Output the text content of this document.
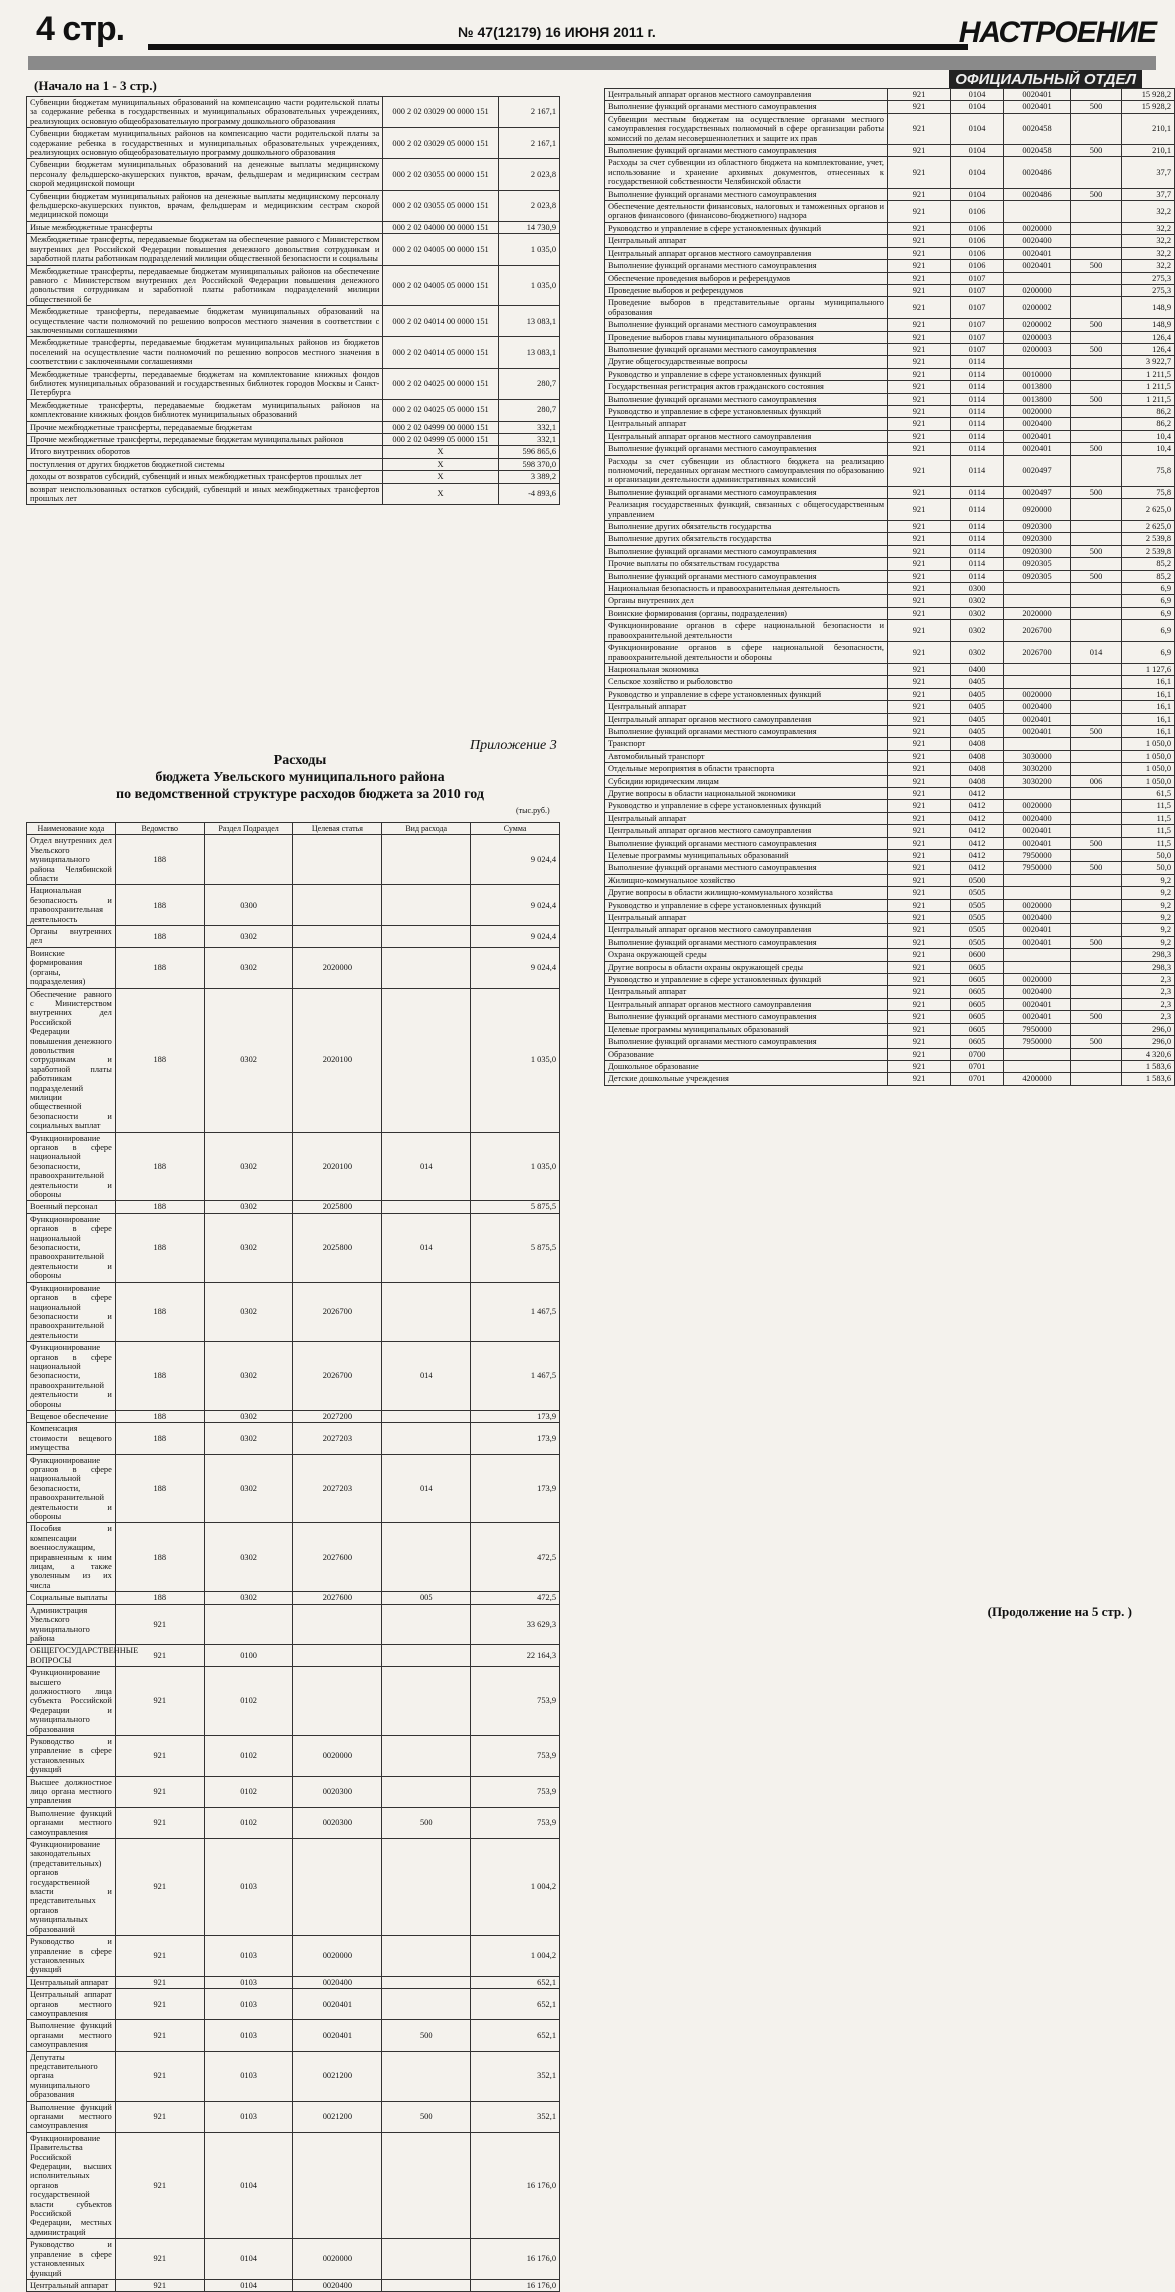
4 стр.	№ 47(12179) 16 ИЮНЯ 2011 г.	НАСТРОЕНИЕ
ОФИЦИАЛЬНЫЙ ОТДЕЛ
(Начало на 1 - 3 стр.)
Субвенции бюджетам муниципальных образований на компенсацию части родительской платы за содержание ребенка в государственных и муниципальных образовательных учреждениях, реализующих основную общеобразовательную программу дошкольного образования	000 2 02 03029 00 0000 151	2 167,1
Субвенции бюджетам муниципальных районов на компенсацию части родительской платы за содержание ребенка в государственных и муниципальных образовательных учреждениях, реализующих основную общеобразовательную программу дошкольного образования	000 2 02 03029 05 0000 151	2 167,1
Субвенции бюджетам муниципальных образований на денежные выплаты медицинскому персоналу фельдшерско-акушерских пунктов, врачам, фельдшерам и медицинским сестрам скорой медицинской помощи	000 2 02 03055 00 0000 151	2 023,8
Субвенции бюджетам муниципальных районов на денежные выплаты медицинскому персоналу фельдшерско-акушерских пунктов, врачам, фельдшерам и медицинским сестрам скорой медицинской помощи	000 2 02 03055 05 0000 151	2 023,8
Иные межбюджетные трансферты	000 2 02 04000 00 0000 151	14 730,9
Межбюджетные трансферты, передаваемые бюджетам на обеспечение равного с Министерством внутренних дел Российской Федерации повышения денежного довольствия сотрудникам и заработной платы работникам подразделений милиции общественной безопасности и социальны	000 2 02 04005 00 0000 151	1 035,0
Межбюджетные трансферты, передаваемые бюджетам муниципальных районов на обеспечение равного с Министерством внутренних дел Российской Федерации повышения денежного довольствия сотрудникам и заработной платы работникам подразделений милиции общественной бе	000 2 02 04005 05 0000 151	1 035,0
Межбюджетные трансферты, передаваемые бюджетам муниципальных образований на осуществление части полномочий по решению вопросов местного значения в соответствии с заключенными соглашениями	000 2 02 04014 00 0000 151	13 083,1
Межбюджетные трансферты, передаваемые бюджетам муниципальных районов из бюджетов поселений на осуществление части полномочий по решению вопросов местного значения в соответствии с заключенными соглашениями	000 2 02 04014 05 0000 151	13 083,1
Межбюджетные трансферты, передаваемые бюджетам на комплектование книжных фондов библиотек муниципальных образований и государственных библиотек городов Москвы и Санкт-Петербурга	000 2 02 04025 00 0000 151	280,7
Межбюджетные трансферты, передаваемые бюджетам муниципальных районов на комплектование книжных фондов библиотек муниципальных образований	000 2 02 04025 05 0000 151	280,7
Прочие межбюджетные трансферты, передаваемые бюджетам	000 2 02 04999 00 0000 151	332,1
Прочие межбюджетные трансферты, передаваемые бюджетам муниципальных районов	000 2 02 04999 05 0000 151	332,1
Итого внутренних оборотов	Х	596 865,6
поступления от других бюджетов бюджетной системы	Х	598 370,0
доходы от возвратов субсидий, субвенций и иных межбюджетных трансфертов прошлых лет	Х	3 389,2
возврат неиспользованных остатков субсидий, субвенций и иных межбюджетных трансфертов прошлых лет	Х	-4 893,6
Приложение 3
Расходы
бюджета Увельского муниципального района
по ведомственной структуре расходов бюджета за 2010 год
(тыс.руб.)
Наименование кода	Ведомство	Раздел Подраздел	Целевая статья	Вид расхода	Сумма
Отдел внутренних дел Увельского муниципального района Челябинской области	188				9 024,4
Национальная безопасность и правоохранительная деятельность	188	0300			9 024,4
Органы внутренних дел	188	0302			9 024,4
Воинские формирования (органы, подразделения)	188	0302	2020000		9 024,4
Обеспечение равного с Министерством внутренних дел Российской Федерации повышения денежного довольствия сотрудникам и заработной платы работникам подразделений милиции общественной безопасности и социальных выплат	188	0302	2020100		1 035,0
Функционирование органов в сфере национальной безопасности, правоохранительной деятельности и обороны	188	0302	2020100	014	1 035,0
Военный персонал	188	0302	2025800		5 875,5
Функционирование органов в сфере национальной безопасности, правоохранительной деятельности и обороны	188	0302	2025800	014	5 875,5
Функционирование органов в сфере национальной безопасности и правоохранительной деятельности	188	0302	2026700		1 467,5
Функционирование органов в сфере национальной безопасности, правоохранительной деятельности и обороны	188	0302	2026700	014	1 467,5
Вещевое обеспечение	188	0302	2027200		173,9
Компенсация стоимости вещевого имущества	188	0302	2027203		173,9
Функционирование органов в сфере национальной безопасности, правоохранительной деятельности и обороны	188	0302	2027203	014	173,9
Пособия и компенсации военнослужащим, приравненным к ним лицам, а также уволенным из их числа	188	0302	2027600		472,5
Социальные выплаты	188	0302	2027600	005	472,5
Администрация Увельского муниципального района	921				33 629,3
ОБЩЕГОСУДАРСТВЕННЫЕ ВОПРОСЫ	921	0100			22 164,3
Функционирование высшего должностного лица субъекта Российской Федерации и муниципального образования	921	0102			753,9
Руководство и управление в сфере установленных функций	921	0102	0020000		753,9
Высшее должностное лицо органа местного управления	921	0102	0020300		753,9
Выполнение функций органами местного самоуправления	921	0102	0020300	500	753,9
Функционирование законодательных (представительных) органов государственной власти и представительных органов муниципальных образований	921	0103			1 004,2
Руководство и управление в сфере установленных функций	921	0103	0020000		1 004,2
Центральный аппарат	921	0103	0020400		652,1
Центральный аппарат органов местного самоуправления	921	0103	0020401		652,1
Выполнение функций органами местного самоуправления	921	0103	0020401	500	652,1
Депутаты представительного органа муниципального образования	921	0103	0021200		352,1
Выполнение функций органами местного самоуправления	921	0103	0021200	500	352,1
Функционирование Правительства Российской Федерации, высших исполнительных органов государственной власти субъектов Российской Федерации, местных администраций	921	0104			16 176,0
Руководство и управление в сфере установленных функций	921	0104	0020000		16 176,0
Центральный аппарат	921	0104	0020400		16 176,0
Центральный аппарат органов местного самоуправления	921	0104	0020401		15 928,2
Выполнение функций органами местного самоуправления	921	0104	0020401	500	15 928,2
Субвенции местным бюджетам на осуществление органами местного самоуправления государственных полномочий в сфере организации работы комиссий по делам несовершеннолетних и защите их прав	921	0104	0020458		210,1
Выполнение функций органами местного самоуправления	921	0104	0020458	500	210,1
Расходы за счет субвенции из областного бюджета на комплектование, учет, использование и хранение архивных документов, отнесенных к государственной собственности Челябинской области	921	0104	0020486		37,7
Выполнение функций органами местного самоуправления	921	0104	0020486	500	37,7
Обеспечение деятельности финансовых, налоговых и таможенных органов и органов финансового (финансово-бюджетного) надзора	921	0106			32,2
Руководство и управление в сфере установленных функций	921	0106	0020000		32,2
Центральный аппарат	921	0106	0020400		32,2
Центральный аппарат органов местного самоуправления	921	0106	0020401		32,2
Выполнение функций органами местного самоуправления	921	0106	0020401	500	32,2
Обеспечение проведения выборов и референдумов	921	0107			275,3
Проведение выборов и референдумов	921	0107	0200000		275,3
Проведение выборов в представительные органы муниципального образования	921	0107	0200002		148,9
Выполнение функций органами местного самоуправления	921	0107	0200002	500	148,9
Проведение выборов главы муниципального образования	921	0107	0200003		126,4
Выполнение функций органами местного самоуправления	921	0107	0200003	500	126,4
Другие общегосударственные вопросы	921	0114			3 922,7
Руководство и управление в сфере установленных функций	921	0114	0010000		1 211,5
Государственная регистрация актов гражданского состояния	921	0114	0013800		1 211,5
Выполнение функций органами местного самоуправления	921	0114	0013800	500	1 211,5
Руководство и управление в сфере установленных функций	921	0114	0020000		86,2
Центральный аппарат	921	0114	0020400		86,2
Центральный аппарат органов местного самоуправления	921	0114	0020401		10,4
Выполнение функций органами местного самоуправления	921	0114	0020401	500	10,4
Расходы за счет субвенции из областного бюджета на реализацию полномочий, переданных органам местного самоуправления по образованию и организации деятельности административных комиссий	921	0114	0020497		75,8
Выполнение функций органами местного самоуправления	921	0114	0020497	500	75,8
Реализация государственных функций, связанных с общегосударственным управлением	921	0114	0920000		2 625,0
Выполнение других обязательств государства	921	0114	0920300		2 625,0
Выполнение других обязательств государства	921	0114	0920300		2 539,8
Выполнение функций органами местного самоуправления	921	0114	0920300	500	2 539,8
Прочие выплаты по обязательствам государства	921	0114	0920305		85,2
Выполнение функций органами местного самоуправления	921	0114	0920305	500	85,2
Национальная безопасность и правоохранительная деятельность	921	0300			6,9
Органы внутренних дел	921	0302			6,9
Воинские формирования (органы, подразделения)	921	0302	2020000		6,9
Функционирование органов в сфере национальной безопасности и правоохранительной деятельности	921	0302	2026700		6,9
Функционирование органов в сфере национальной безопасности, правоохранительной деятельности и обороны	921	0302	2026700	014	6,9
Национальная экономика	921	0400			1 127,6
Сельское хозяйство и рыболовство	921	0405			16,1
Руководство и управление в сфере установленных функций	921	0405	0020000		16,1
Центральный аппарат	921	0405	0020400		16,1
Центральный аппарат органов местного самоуправления	921	0405	0020401		16,1
Выполнение функций органами местного самоуправления	921	0405	0020401	500	16,1
Транспорт	921	0408			1 050,0
Автомобильный транспорт	921	0408	3030000		1 050,0
Отдельные мероприятия в области транспорта	921	0408	3030200		1 050,0
Субсидии юридическим лицам	921	0408	3030200	006	1 050,0
Другие вопросы в области национальной экономики	921	0412			61,5
Руководство и управление в сфере установленных функций	921	0412	0020000		11,5
Центральный аппарат	921	0412	0020400		11,5
Центральный аппарат органов местного самоуправления	921	0412	0020401		11,5
Выполнение функций органами местного самоуправления	921	0412	0020401	500	11,5
Целевые программы муниципальных образований	921	0412	7950000		50,0
Выполнение функций органами местного самоуправления	921	0412	7950000	500	50,0
Жилищно-коммунальное хозяйство	921	0500			9,2
Другие вопросы в области жилищно-коммунального хозяйства	921	0505			9,2
Руководство и управление в сфере установленных функций	921	0505	0020000		9,2
Центральный аппарат	921	0505	0020400		9,2
Центральный аппарат органов местного самоуправления	921	0505	0020401		9,2
Выполнение функций органами местного самоуправления	921	0505	0020401	500	9,2
Охрана окружающей среды	921	0600			298,3
Другие вопросы в области охраны окружающей среды	921	0605			298,3
Руководство и управление в сфере установленных функций	921	0605	0020000		2,3
Центральный аппарат	921	0605	0020400		2,3
Центральный аппарат органов местного самоуправления	921	0605	0020401		2,3
Выполнение функций органами местного самоуправления	921	0605	0020401	500	2,3
Целевые программы муниципальных образований	921	0605	7950000		296,0
Выполнение функций органами местного самоуправления	921	0605	7950000	500	296,0
Образование	921	0700			4 320,6
Дошкольное образование	921	0701			1 583,6
Детские дошкольные учреждения	921	0701	4200000		1 583,6
(Продолжение на 5 стр. )
